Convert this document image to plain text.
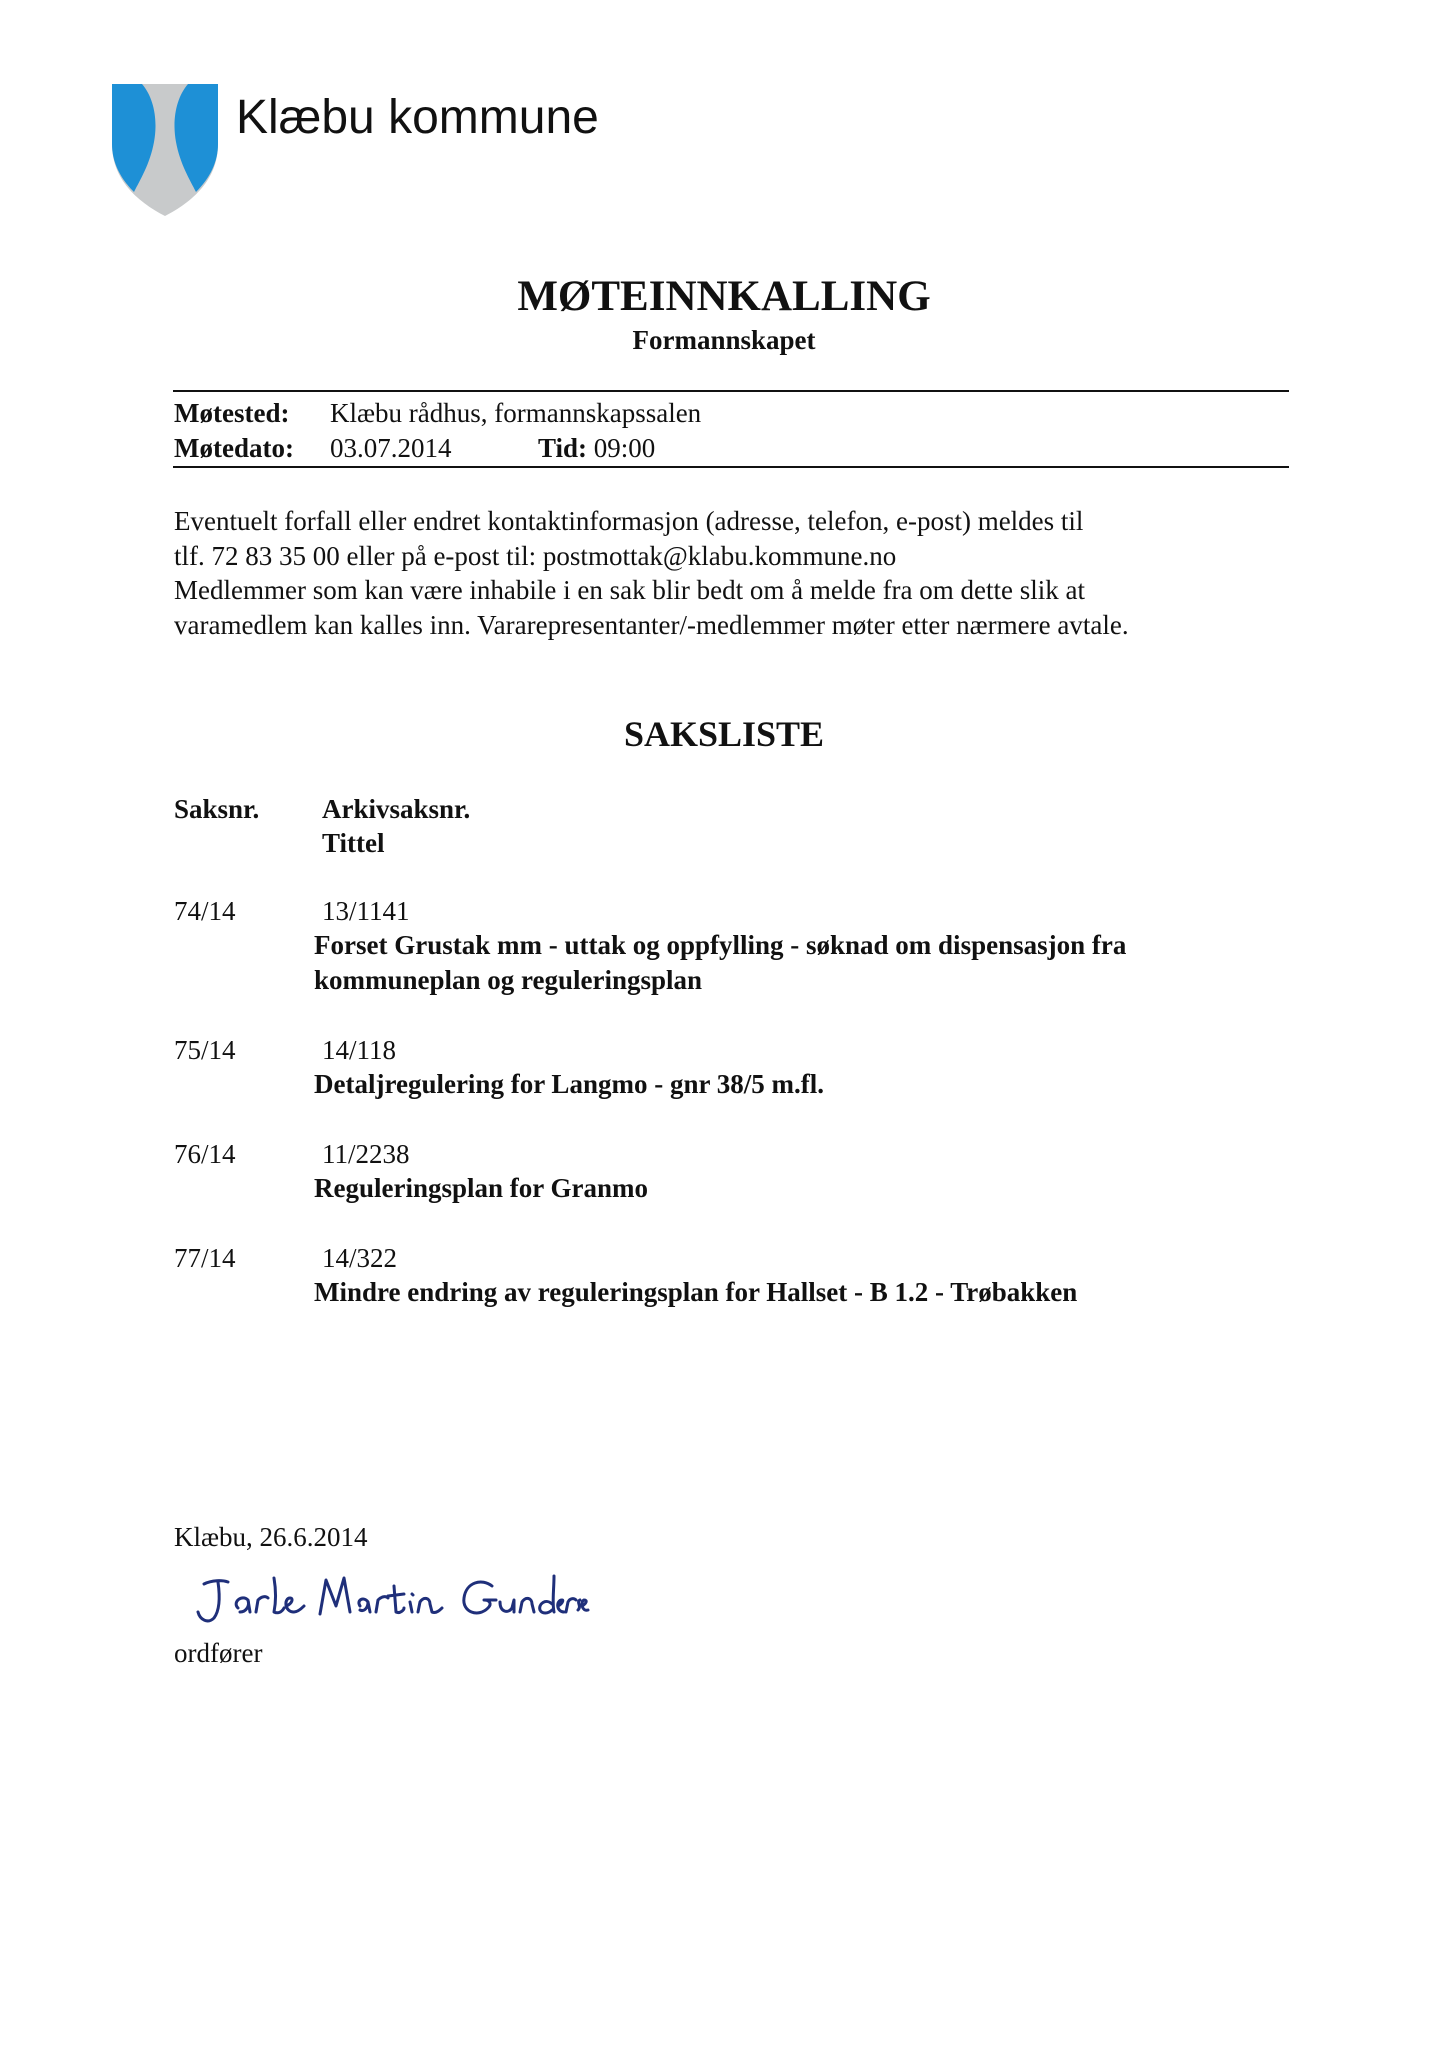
Klæbu kommune
MØTEINNKALLING
Formannskapet
Møtested: Klæbu rådhus, formannskapssalen
Møtedato: 03.07.2014	Tid: 09:00
Eventuelt forfall eller endret kontaktinformasjon (adresse, telefon, e-post) meldes til
tlf. 72 83 35 00 eller på e-post til: postmottak@klabu.kommune.no
Medlemmer som kan være inhabile i en sak blir bedt om å melde fra om dette slik at
varamedlem kan kalles inn. Vararepresentanter/-medlemmer møter etter nærmere avtale.
SAKSLISTE
Saksnr. Arkivsaksnr.
Tittel
74/14	13/1141
Forset Grustak mm - uttak og oppfylling - søknad om dispensasjon fra
kommuneplan og reguleringsplan
75/14	14/118
Detaljregulering for Langmo - gnr 38/5 m.fl.
76/14	11/2238
Reguleringsplan for Granmo
77/14	14/322
Mindre endring av reguleringsplan for Hallset - B 1.2 - Trøbakken
Klæbu, 26.6.2014
ordfører
